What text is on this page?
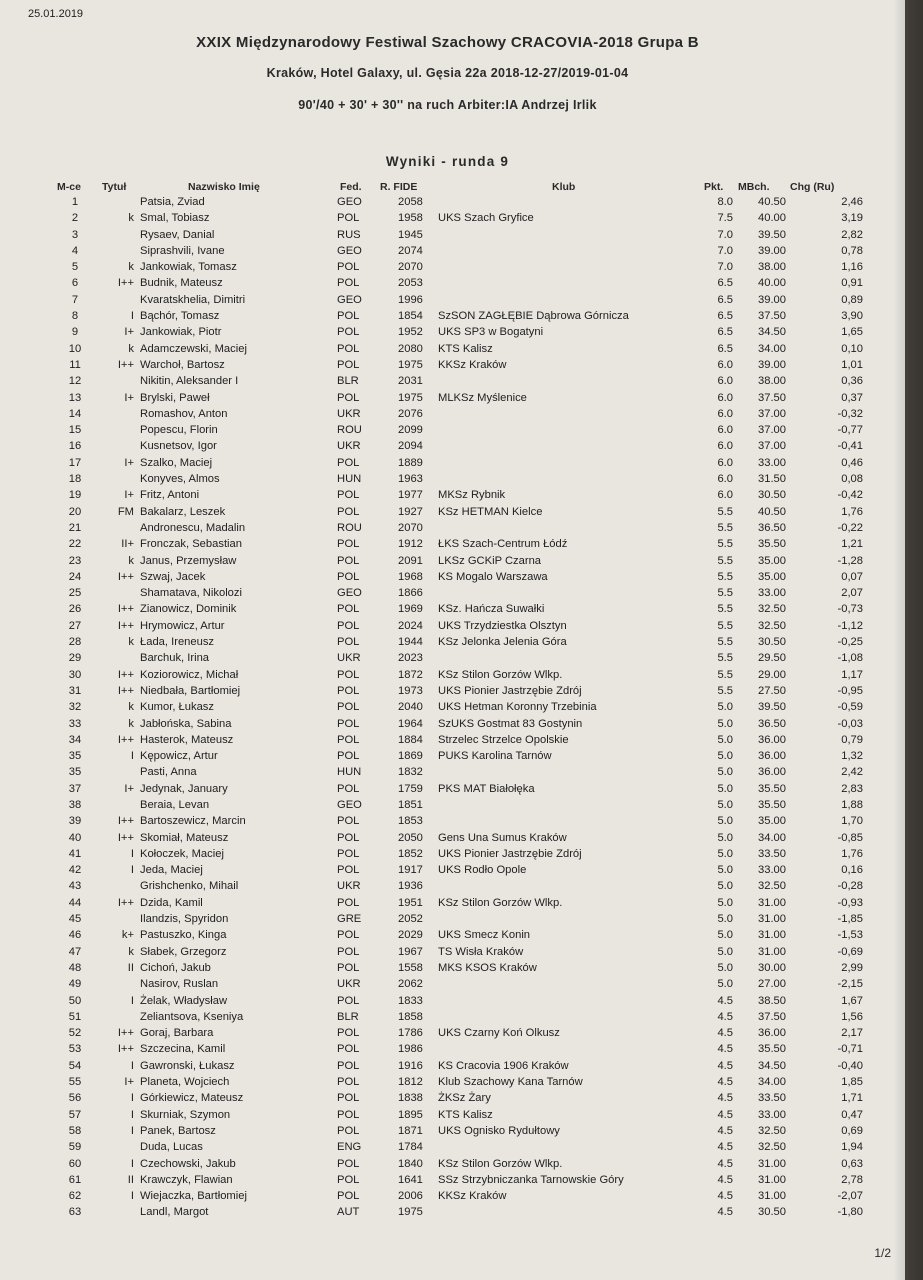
25.01.2019
XXIX Międzynarodowy Festiwal Szachowy CRACOVIA-2018 Grupa B
Kraków, Hotel Galaxy, ul. Gęsia 22a 2018-12-27/2019-01-04
90'/40 + 30' + 30'' na ruch Arbiter:IA Andrzej Irlik
Wyniki - runda 9
M-ce Tytuł	Nazwisko Imię	Fed. R. FIDE	Klub	Pkt. MBch. Chg (Ru)
1	Patsia, Zviad	GEO	2058	8.0	40.50	2,46
2	k Smal, Tobiasz	POL	1958 UKS Szach Gryfice	7.5	40.00	3,19
3	Rysaev, Danial	RUS	1945	7.0	39.50	2,82
4	Siprashvili, Ivane	GEO	2074	7.0	39.00	0,78
5	k Jankowiak, Tomasz	POL	2070	7.0	38.00	1,16
6	I++ Budnik, Mateusz	POL	2053	6.5	40.00	0,91
7	Kvaratskhelia, Dimitri	GEO	1996	6.5	39.00	0,89
8	I Bąchór, Tomasz	POL	1854 SzSON ZAGŁĘBIE Dąbrowa Górnicza	6.5	37.50	3,90
9	I+ Jankowiak, Piotr	POL	1952 UKS SP3 w Bogatyni	6.5	34.50	1,65
10	k Adamczewski, Maciej	POL	2080 KTS Kalisz	6.5	34.00	0,10
11	I++ Warchoł, Bartosz	POL	1975 KKSz Kraków	6.0	39.00	1,01
12	Nikitin, Aleksander I	BLR	2031	6.0	38.00	0,36
13	I+ Brylski, Paweł	POL	1975 MLKSz Myślenice	6.0	37.50	0,37
14	Romashov, Anton	UKR	2076	6.0	37.00	-0,32
15	Popescu, Florin	ROU	2099	6.0	37.00	-0,77
16	Kusnetsov, Igor	UKR	2094	6.0	37.00	-0,41
17	I+ Szalko, Maciej	POL	1889	6.0	33.00	0,46
18	Konyves, Almos	HUN	1963	6.0	31.50	0,08
19	I+ Fritz, Antoni	POL	1977 MKSz Rybnik	6.0	30.50	-0,42
20	FM Bakalarz, Leszek	POL	1927 KSz HETMAN Kielce	5.5	40.50	1,76
21	Andronescu, Madalin	ROU	2070	5.5	36.50	-0,22
22	II+ Fronczak, Sebastian	POL	1912 ŁKS Szach-Centrum Łódź	5.5	35.50	1,21
23	k Janus, Przemysław	POL	2091 LKSz GCKiP Czarna	5.5	35.00	-1,28
24	I++ Szwaj, Jacek	POL	1968 KS Mogalo Warszawa	5.5	35.00	0,07
25	Shamatava, Nikolozi	GEO	1866	5.5	33.00	2,07
26	I++ Zianowicz, Dominik	POL	1969 KSz. Hańcza Suwałki	5.5	32.50	-0,73
27	I++ Hrymowicz, Artur	POL	2024 UKS Trzydziestka Olsztyn	5.5	32.50	-1,12
28	k Łada, Ireneusz	POL	1944 KSz Jelonka Jelenia Góra	5.5	30.50	-0,25
29	Barchuk, Irina	UKR	2023	5.5	29.50	-1,08
30	I++ Koziorowicz, Michał	POL	1872 KSz Stilon Gorzów Wlkp.	5.5	29.00	1,17
31	I++ Niedbała, Bartłomiej	POL	1973 UKS Pionier Jastrzębie Zdrój	5.5	27.50	-0,95
32	k Kumor, Łukasz	POL	2040 UKS Hetman Koronny Trzebinia	5.0	39.50	-0,59
33	k Jabłońska, Sabina	POL	1964 SzUKS Gostmat 83 Gostynin	5.0	36.50	-0,03
34	I++ Hasterok, Mateusz	POL	1884 Strzelec Strzelce Opolskie	5.0	36.00	0,79
35	I Kępowicz, Artur	POL	1869 PUKS Karolina Tarnów	5.0	36.00	1,32
35	Pasti, Anna	HUN	1832	5.0	36.00	2,42
37	I+ Jedynak, January	POL	1759 PKS MAT Białołęka	5.0	35.50	2,83
38	Beraia, Levan	GEO	1851	5.0	35.50	1,88
39	I++ Bartoszewicz, Marcin	POL	1853	5.0	35.00	1,70
40	I++ Skomiał, Mateusz	POL	2050 Gens Una Sumus Kraków	5.0	34.00	-0,85
41	I Kołoczek, Maciej	POL	1852 UKS Pionier Jastrzębie Zdrój	5.0	33.50	1,76
42	I Jeda, Maciej	POL	1917 UKS Rodło Opole	5.0	33.00	0,16
43	Grishchenko, Mihail	UKR	1936	5.0	32.50	-0,28
44	I++ Dzida, Kamil	POL	1951 KSz Stilon Gorzów Wlkp.	5.0	31.00	-0,93
45	Ilandzis, Spyridon	GRE	2052	5.0	31.00	-1,85
46	k+ Pastuszko, Kinga	POL	2029 UKS Smecz Konin	5.0	31.00	-1,53
47	k Słabek, Grzegorz	POL	1967 TS Wisła Kraków	5.0	31.00	-0,69
48	II Cichoń, Jakub	POL	1558 MKS KSOS Kraków	5.0	30.00	2,99
49	Nasirov, Ruslan	UKR	2062	5.0	27.00	-2,15
50	I Żelak, Władysław	POL	1833	4.5	38.50	1,67
51	Zeliantsova, Kseniya	BLR	1858	4.5	37.50	1,56
52	I++ Goraj, Barbara	POL	1786 UKS Czarny Koń Olkusz	4.5	36.00	2,17
53	I++ Szczecina, Kamil	POL	1986	4.5	35.50	-0,71
54	I Gawronski, Łukasz	POL	1916 KS Cracovia 1906 Kraków	4.5	34.50	-0,40
55	I+ Planeta, Wojciech	POL	1812 Klub Szachowy Kana Tarnów	4.5	34.00	1,85
56	I Górkiewicz, Mateusz	POL	1838 ŻKSz Żary	4.5	33.50	1,71
57	I Skurniak, Szymon	POL	1895 KTS Kalisz	4.5	33.00	0,47
58	I Panek, Bartosz	POL	1871 UKS Ognisko Rydułtowy	4.5	32.50	0,69
59	Duda, Lucas	ENG	1784	4.5	32.50	1,94
60	I Czechowski, Jakub	POL	1840 KSz Stilon Gorzów Wlkp.	4.5	31.00	0,63
61	II Krawczyk, Flawian	POL	1641 SSz Strzybniczanka Tarnowskie Góry	4.5	31.00	2,78
62	I Wiejaczka, Bartłomiej	POL	2006 KKSz Kraków	4.5	31.00	-2,07
63	Landl, Margot	AUT	1975	4.5	30.50	-1,80
1/2
